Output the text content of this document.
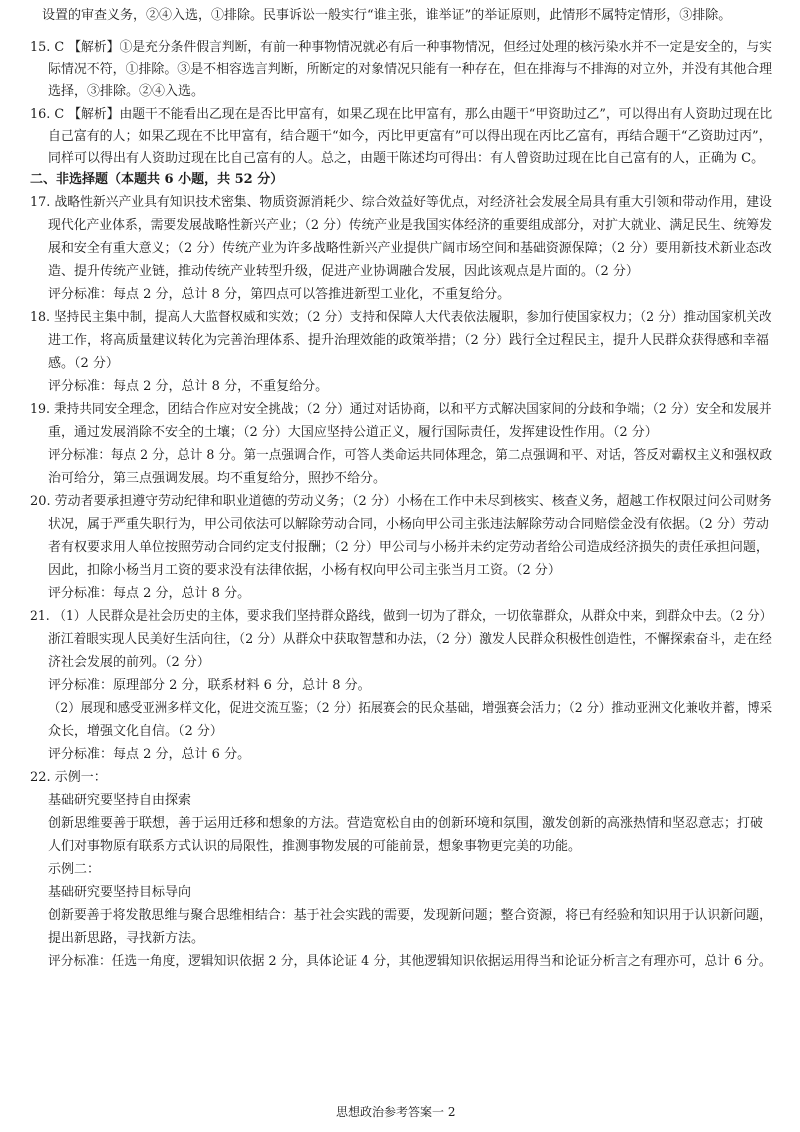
设置的审查义务，②④入选，①排除。民事诉讼一般实行“谁主张，谁举证”的举证原则，此情形不属特定情形，③排除。
15. C 【解析】①是充分条件假言判断，有前一种事物情况就必有后一种事物情况，但经过处理的核污染水并不一定是安全的，与实
际情况不符，①排除。③是不相容选言判断，所断定的对象情况只能有一种存在，但在排海与不排海的对立外，并没有其他合理
选择，③排除。②④入选。
16. C 【解析】由题干不能看出乙现在是否比甲富有，如果乙现在比甲富有，那么由题干“甲资助过乙”，可以得出有人资助过现在比
自己富有的人；如果乙现在不比甲富有，结合题干“如今，丙比甲更富有”可以得出现在丙比乙富有，再结合题干“乙资助过丙”，
同样可以得出有人资助过现在比自己富有的人。总之，由题干陈述均可得出：有人曾资助过现在比自己富有的人，正确为 C。
二、非选择题（本题共 6 小题，共 52 分）
17. 战略性新兴产业具有知识技术密集、物质资源消耗少、综合效益好等优点，对经济社会发展全局具有重大引领和带动作用，建设
现代化产业体系，需要发展战略性新兴产业；（2 分）传统产业是我国实体经济的重要组成部分，对扩大就业、满足民生、统筹发
展和安全有重大意义；（2 分）传统产业为许多战略性新兴产业提供广阔市场空间和基础资源保障；（2 分）要用新技术新业态改
造、提升传统产业链，推动传统产业转型升级，促进产业协调融合发展，因此该观点是片面的。（2 分）
评分标准：每点 2 分，总计 8 分，第四点可以答推进新型工业化，不重复给分。
18. 坚持民主集中制，提高人大监督权威和实效；（2 分）支持和保障人大代表依法履职，参加行使国家权力；（2 分）推动国家机关改
进工作，将高质量建议转化为完善治理体系、提升治理效能的政策举措；（2 分）践行全过程民主，提升人民群众获得感和幸福
感。（2 分）
评分标准：每点 2 分，总计 8 分，不重复给分。
19. 秉持共同安全理念，团结合作应对安全挑战；（2 分）通过对话协商，以和平方式解决国家间的分歧和争端；（2 分）安全和发展并
重，通过发展消除不安全的土壤；（2 分）大国应坚持公道正义，履行国际责任，发挥建设性作用。（2 分）
评分标准：每点 2 分，总计 8 分。第一点强调合作，可答人类命运共同体理念，第二点强调和平、对话，答反对霸权主义和强权政
治可给分，第三点强调发展。均不重复给分，照抄不给分。
20. 劳动者要承担遵守劳动纪律和职业道德的劳动义务；（2 分）小杨在工作中未尽到核实、核查义务，超越工作权限过问公司财务
状况，属于严重失职行为，甲公司依法可以解除劳动合同，小杨向甲公司主张违法解除劳动合同赔偿金没有依据。（2 分）劳动
者有权要求用人单位按照劳动合同约定支付报酬；（2 分）甲公司与小杨并未约定劳动者给公司造成经济损失的责任承担问题，
因此，扣除小杨当月工资的要求没有法律依据，小杨有权向甲公司主张当月工资。（2 分）
评分标准：每点 2 分，总计 8 分。
21. （1）人民群众是社会历史的主体，要求我们坚持群众路线，做到一切为了群众，一切依靠群众，从群众中来，到群众中去。（2 分）
浙江着眼实现人民美好生活向往，（2 分）从群众中获取智慧和办法，（2 分）激发人民群众积极性创造性，不懈探索奋斗，走在经
济社会发展的前列。（2 分）
评分标准：原理部分 2 分，联系材料 6 分，总计 8 分。
（2）展现和感受亚洲多样文化，促进交流互鉴；（2 分）拓展赛会的民众基础，增强赛会活力；（2 分）推动亚洲文化兼收并蓄，博采
众长，增强文化自信。（2 分）
评分标准：每点 2 分，总计 6 分。
22. 示例一：
基础研究要坚持自由探索
创新思维要善于联想，善于运用迁移和想象的方法。营造宽松自由的创新环境和氛围，激发创新的高涨热情和坚忍意志；打破
人们对事物原有联系方式认识的局限性，推测事物发展的可能前景，想象事物更完美的功能。
示例二：
基础研究要坚持目标导向
创新要善于将发散思维与聚合思维相结合：基于社会实践的需要，发现新问题；整合资源，将已有经验和知识用于认识新问题，
提出新思路，寻找新方法。
评分标准：任选一角度，逻辑知识依据 2 分，具体论证 4 分，其他逻辑知识依据运用得当和论证分析言之有理亦可，总计 6 分。
思想政治参考答案一 2
